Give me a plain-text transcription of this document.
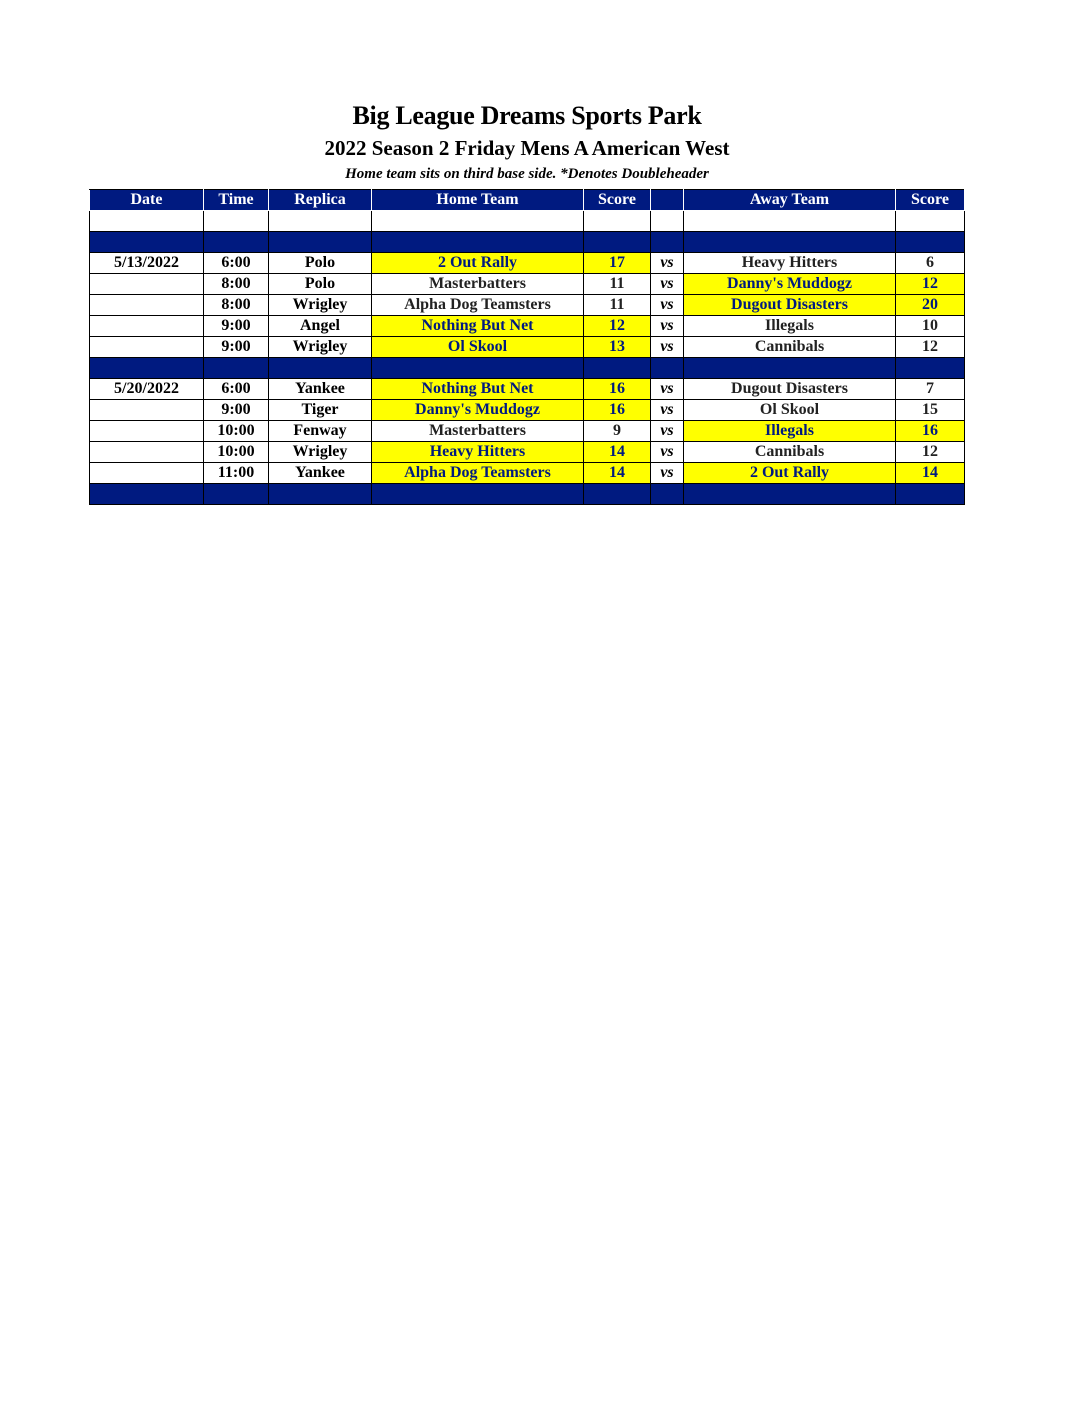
Big League Dreams Sports Park
2022 Season 2 Friday Mens A American West
Home team sits on third base side. *Denotes Doubleheader
Date	Time	Replica	Home Team	Score		Away Team	Score

5/13/2022	6:00	Polo	2 Out Rally	17	vs	Heavy Hitters	6
	8:00	Polo	Masterbatters	11	vs	Danny's Muddogz	12
	8:00	Wrigley	Alpha Dog Teamsters	11	vs	Dugout Disasters	20
	9:00	Angel	Nothing But Net	12	vs	Illegals	10
	9:00	Wrigley	Ol Skool	13	vs	Cannibals	12

5/20/2022	6:00	Yankee	Nothing But Net	16	vs	Dugout Disasters	7
	9:00	Tiger	Danny's Muddogz	16	vs	Ol Skool	15
	10:00	Fenway	Masterbatters	9	vs	Illegals	16
	10:00	Wrigley	Heavy Hitters	14	vs	Cannibals	12
	11:00	Yankee	Alpha Dog Teamsters	14	vs	2 Out Rally	14
